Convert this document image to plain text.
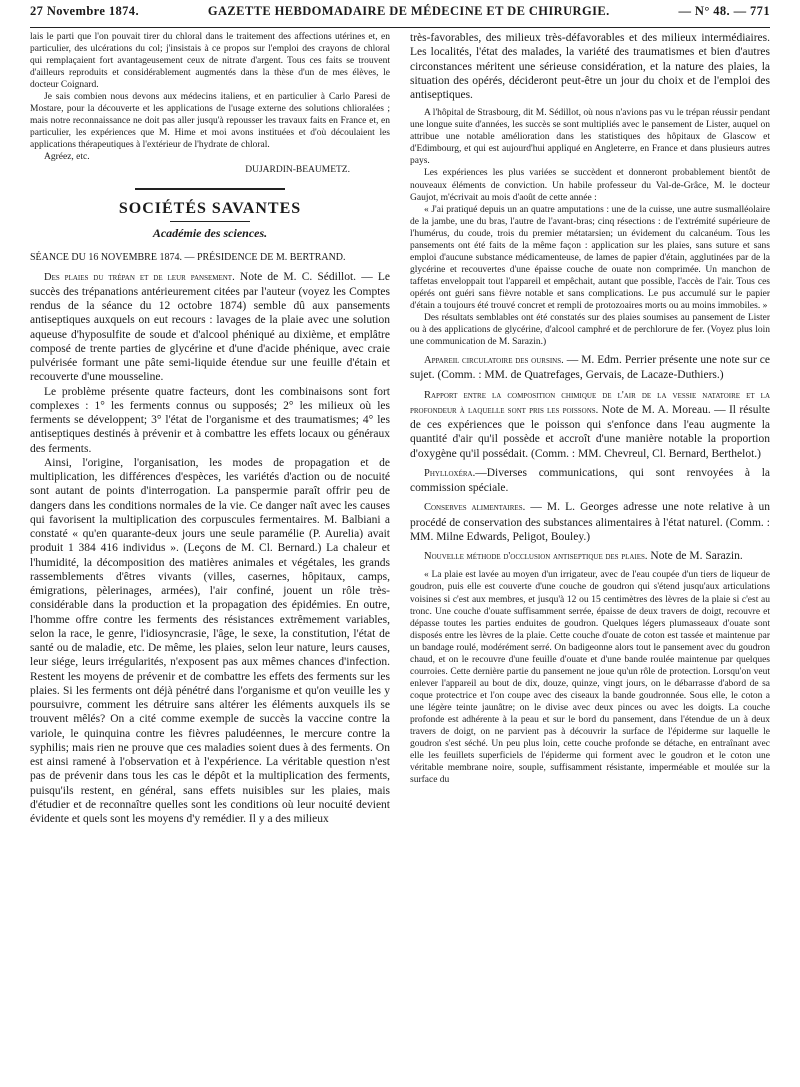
27 Novembre 1874.	GAZETTE HEBDOMADAIRE DE MÉDECINE ET DE CHIRURGIE.	— N° 48. — 771

lais le parti que l'on pouvait tirer du chloral dans le traitement des affections utérines et, en particulier, des ulcérations du col; j'insistais à ce propos sur l'emploi des crayons de chloral qui remplaçaient fort avantageusement ceux de nitrate d'argent. Tous ces faits se trouvent d'ailleurs reproduits et considérablement augmentés dans la thèse d'un de mes élèves, le docteur Coignard.

Je sais combien nous devons aux médecins italiens, et en particulier à Carlo Paresi de Mostare, pour la découverte et les applications de l'usage externe des solutions chlioralées ; mais notre reconnaissance ne doit pas aller jusqu'à repousser les travaux faits en France et, en particulier, les expériences que M. Hime et moi avons instituées et d'où découlaient les applications thérapeutiques à l'extérieur de l'hydrate de chloral.

Agréez, etc.

DUJARDIN-BEAUMETZ.

SOCIÉTÉS SAVANTES
Académie des sciences.
SÉANCE DU 16 NOVEMBRE 1874. — PRÉSIDENCE DE M. BERTRAND.

Des plaies du trépan et de leur pansement. Note de M. C. Sédillot. — Le succès des trépanations antérieurement citées par l'auteur (voyez les Comptes rendus de la séance du 12 octobre 1874) semble dû aux pansements antiseptiques auxquels on eut recours : lavages de la plaie avec une solution aqueuse d'hyposulfite de soude et d'alcool phéniqué au dixième, et emplâtre composé de trente parties de glycérine et d'une d'acide phénique, avec craie pulvérisée formant une pâte semi-liquide étendue sur une feuille d'étain et recouverte d'une mousseline.

Le problème présente quatre facteurs, dont les combinaisons sont fort complexes : 1° les ferments connus ou supposés; 2° les milieux où les ferments se développent; 3° l'état de l'organisme et des traumatismes; 4° les antiseptiques destinés à prévenir et à combattre les effets locaux ou généraux des ferments.

Ainsi, l'origine, l'organisation, les modes de propagation et de multiplication, les différences d'espèces, les variétés d'action ou de nocuité sont autant de points d'interrogation. La panspermie paraît offrir peu de dangers dans les conditions normales de la vie. Ce danger naît avec les causes qui favorisent la multiplication des corpuscules fermentaires. M. Balbiani a constaté « qu'en quarante-deux jours une seule paramélie (P. Aurelia) avait produit 1 384 416 individus ». (Leçons de M. Cl. Bernard.) La chaleur et l'humidité, la décomposition des matières animales et végétales, les grands rassemblements d'êtres vivants (villes, casernes, hôpitaux, camps, émigrations, pèlerinages, armées), l'air confiné, jouent un rôle très-considérable dans la production et la propagation des épidémies. En outre, l'homme offre contre les ferments des résistances extrêmement variables, selon la race, le genre, l'idiosyncrasie, l'âge, le sexe, la constitution, l'état de santé ou de maladie, etc. De même, les plaies, selon leur nature, leurs causes, leur siége, leurs irrégularités, n'exposent pas aux mêmes chances d'infection. Restent les moyens de prévenir et de combattre les effets des ferments sur les plaies. Si les ferments ont déjà pénétré dans l'organisme et qu'on veuille les y poursuivre, comment les détruire sans altérer les éléments auxquels ils se trouvent mêlés? On a cité comme exemple de succès la vaccine contre la variole, le quinquina contre les fièvres paludéennes, le mercure contre la syphilis; mais rien ne prouve que ces maladies soient dues à des ferments. On est ainsi ramené à l'observation et à l'expérience. La véritable question n'est pas de prévenir dans tous les cas le dépôt et la multiplication des ferments, puisqu'ils restent, en général, sans effets nuisibles sur les plaies, mais d'étudier et de reconnaître quelles sont les conditions où leur nocuité devient évidente et quels sont les moyens d'y remédier. Il y a des milieux

très-favorables, des milieux très-défavorables et des milieux intermédiaires. Les localités, l'état des malades, la variété des traumatismes et bien d'autres circonstances méritent une sérieuse considération, et la nature des plaies, la situation des opérés, décideront peut-être un jour du choix et de l'emploi des antiseptiques.

A l'hôpital de Strasbourg, dit M. Sédillot, où nous n'avions pas vu le trépan réussir pendant une longue suite d'années, les succès se sont multipliés avec le pansement de Lister, auquel on attribue une notable amélioration dans les statistiques des hôpitaux de Glascow et d'Edimbourg, et qui est aujourd'hui appliqué en Angleterre, en France et dans plusieurs autres pays.

Les expériences les plus variées se succèdent et donneront probablement bientôt de nouveaux éléments de conviction. Un habile professeur du Val-de-Grâce, M. le docteur Gaujot, m'écrivait au mois d'août de cette année :

« J'ai pratiqué depuis un an quatre amputations : une de la cuisse, une autre susmalléolaire de la jambe, une du bras, l'autre de l'avant-bras; cinq résections : de l'extrémité supérieure de l'humérus, du coude, trois du premier métatarsien; un évidement du calcanéum. Tous les pansements ont été faits de la même façon : application sur les plaies, sans suture et sans emploi d'aucune substance médicamenteuse, de lames de papier d'étain, agglutinées par de la glycérine et recouvertes d'une épaisse couche de ouate non comprimée. Un manchon de taffetas enveloppait tout l'appareil et empêchait, autant que possible, l'accès de l'air. Tous ces opérés ont guéri sans fièvre notable et sans complications. Le pus accumulé sur le papier d'étain a toujours été trouvé concret et rempli de protozoaires morts ou au moins immobiles. »

Des résultats semblables ont été constatés sur des plaies soumises au pansement de Lister ou à des applications de glycérine, d'alcool camphré et de perchlorure de fer. (Voyez plus loin une communication de M. Sarazin.)

Appareil circulatoire des oursins. — M. Edm. Perrier présente une note sur ce sujet. (Comm. : MM. de Quatrefages, Gervais, de Lacaze-Duthiers.)

Rapport entre la composition chimique de l'air de la vessie natatoire et la profondeur à laquelle sont pris les poissons. Note de M. A. Moreau. — Il résulte de ces expériences que le poisson qui s'enfonce dans l'eau augmente la quantité d'air qu'il possède et accroît d'une manière notable la proportion d'oxygène qu'il possédait. (Comm. : MM. Chevreul, Cl. Bernard, Berthelot.)

Phylloxéra.—Diverses communications, qui sont renvoyées à la commission spéciale.

Conserves alimentaires. — M. L. Georges adresse une note relative à un procédé de conservation des substances alimentaires à l'état naturel. (Comm. : MM. Milne Edwards, Peligot, Bouley.)

Nouvelle méthode d'occlusion antiseptique des plaies. Note de M. Sarazin.

« La plaie est lavée au moyen d'un irrigateur, avec de l'eau coupée d'un tiers de liqueur de goudron, puis elle est couverte d'une couche de goudron qui s'étend jusqu'aux articulations voisines si c'est aux membres, et jusqu'à 12 ou 15 centimètres des lèvres de la plaie si c'est au tronc. Une couche d'ouate suffisamment serrée, épaisse de deux travers de doigt, recouvre et dépasse toutes les parties enduites de goudron. Quelques légers plumasseaux d'ouate sont disposés entre les lèvres de la plaie. Cette couche d'ouate de coton est tassée et maintenue par un bandage roulé, modérément serré. On badigeonne alors tout le pansement avec du goudron chaud, et on le recouvre d'une feuille d'ouate et d'une bande roulée maintenue par quelques courroies. Cette dernière partie du pansement ne joue qu'un rôle de protection. Lorsqu'on veut enlever l'appareil au bout de dix, douze, quinze, vingt jours, on le débarrasse d'abord de sa coque protectrice et l'on coupe avec des ciseaux la bande goudronnée. Sous elle, le coton a une légère teinte jaunâtre; on le divise avec deux pinces ou avec les doigts. La couche profonde est adhérente à la peau et sur le bord du pansement, dans l'étendue de un à deux travers de doigt, on ne parvient pas à découvrir la surface de l'épiderme sur laquelle le goudron s'est séché. Un peu plus loin, cette couche profonde se détache, en entraînant avec elle les feuillets superficiels de l'épiderme qui forment avec le goudron et le coton une véritable membrane noire, souple, suffisamment résistante, imperméable et moulée sur la surface du
